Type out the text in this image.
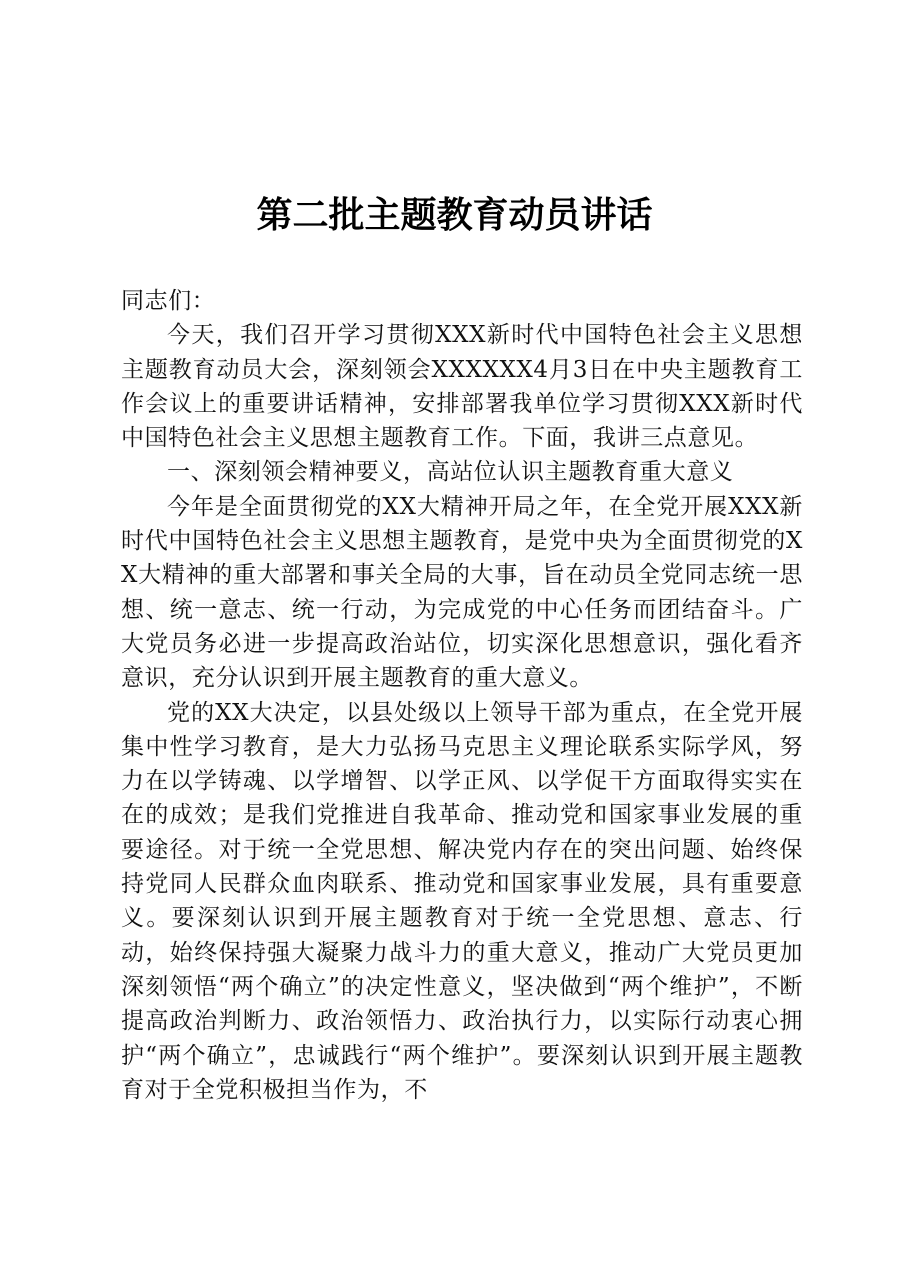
第二批主题教育动员讲话

同志们：

今天，我们召开学习贯彻XXX新时代中国特色社会主义思想主题教育动员大会，深刻领会XXXXXX4月3日在中央主题教育工作会议上的重要讲话精神，安排部署我单位学习贯彻XXX新时代中国特色社会主义思想主题教育工作。下面，我讲三点意见。

一、深刻领会精神要义，高站位认识主题教育重大意义

今年是全面贯彻党的XX大精神开局之年，在全党开展XXX新时代中国特色社会主义思想主题教育，是党中央为全面贯彻党的XX大精神的重大部署和事关全局的大事，旨在动员全党同志统一思想、统一意志、统一行动，为完成党的中心任务而团结奋斗。广大党员务必进一步提高政治站位，切实深化思想意识，强化看齐意识，充分认识到开展主题教育的重大意义。

党的XX大决定，以县处级以上领导干部为重点，在全党开展集中性学习教育，是大力弘扬马克思主义理论联系实际学风，努力在以学铸魂、以学增智、以学正风、以学促干方面取得实实在在的成效；是我们党推进自我革命、推动党和国家事业发展的重要途径。对于统一全党思想、解决党内存在的突出问题、始终保持党同人民群众血肉联系、推动党和国家事业发展，具有重要意义。要深刻认识到开展主题教育对于统一全党思想、意志、行动，始终保持强大凝聚力战斗力的重大意义，推动广大党员更加深刻领悟“两个确立”的决定性意义，坚决做到“两个维护”，不断提高政治判断力、政治领悟力、政治执行力，以实际行动衷心拥护“两个确立”，忠诚践行“两个维护”。要深刻认识到开展主题教育对于全党积极担当作为，不
